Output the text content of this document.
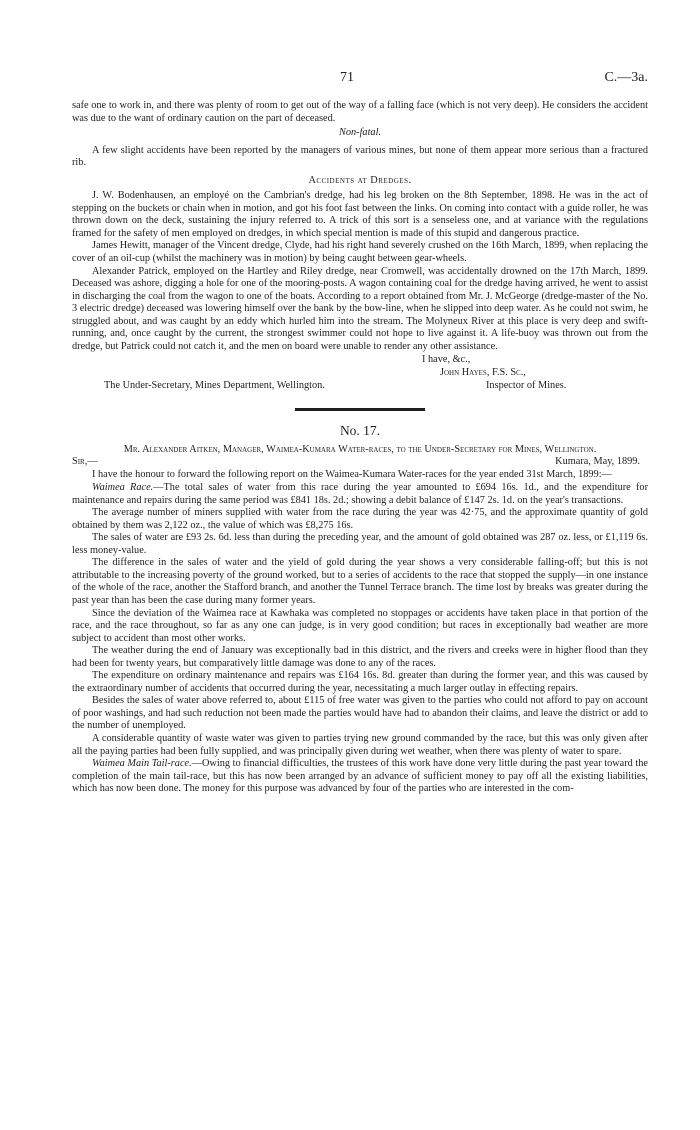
71	C.—3a.

safe one to work in, and there was plenty of room to get out of the way of a falling face (which is not very deep). He considers the accident was due to the want of ordinary caution on the part of deceased.

Non-fatal.

A few slight accidents have been reported by the managers of various mines, but none of them appear more serious than a fractured rib.

Accidents at Dredges.

J. W. Bodenhausen, an employé on the Cambrian's dredge, had his leg broken on the 8th September, 1898. He was in the act of stepping on the buckets or chain when in motion, and got his foot fast between the links. On coming into contact with a guide roller, he was thrown down on the deck, sustaining the injury referred to. A trick of this sort is a senseless one, and at variance with the regulations framed for the safety of men employed on dredges, in which special mention is made of this stupid and dangerous practice.

James Hewitt, manager of the Vincent dredge, Clyde, had his right hand severely crushed on the 16th March, 1899, when replacing the cover of an oil-cup (whilst the machinery was in motion) by being caught between gear-wheels.

Alexander Patrick, employed on the Hartley and Riley dredge, near Cromwell, was accidentally drowned on the 17th March, 1899. Deceased was ashore, digging a hole for one of the mooring-posts. A wagon containing coal for the dredge having arrived, he went to assist in discharging the coal from the wagon to one of the boats. According to a report obtained from Mr. J. McGeorge (dredge-master of the No. 3 electric dredge) deceased was lowering himself over the bank by the bow-line, when he slipped into deep water. As he could not swim, he struggled about, and was caught by an eddy which hurled him into the stream. The Molyneux River at this place is very deep and swift-running, and, once caught by the current, the strongest swimmer could not hope to live against it. A life-buoy was thrown out from the dredge, but Patrick could not catch it, and the men on board were unable to render any other assistance.

I have, &c.,
John Hayes, F.S. Sc.,
The Under-Secretary, Mines Department, Wellington.	Inspector of Mines.

No. 17.

Mr. Alexander Aitken, Manager, Waimea-Kumara Water-races, to the Under-Secretary for Mines, Wellington.

Sir,—	Kumara, May, 1899.

I have the honour to forward the following report on the Waimea-Kumara Water-races for the year ended 31st March, 1899:—

Waimea Race.—The total sales of water from this race during the year amounted to £694 16s. 1d., and the expenditure for maintenance and repairs during the same period was £841 18s. 2d.; showing a debit balance of £147 2s. 1d. on the year's transactions.

The average number of miners supplied with water from the race during the year was 42·75, and the approximate quantity of gold obtained by them was 2,122 oz., the value of which was £8,275 16s.

The sales of water are £93 2s. 6d. less than during the preceding year, and the amount of gold obtained was 287 oz. less, or £1,119 6s. less money-value.

The difference in the sales of water and the yield of gold during the year shows a very considerable falling-off; but this is not attributable to the increasing poverty of the ground worked, but to a series of accidents to the race that stopped the supply—in one instance of the whole of the race, another the Stafford branch, and another the Tunnel Terrace branch. The time lost by breaks was greater during the past year than has been the case during many former years.

Since the deviation of the Waimea race at Kawhaka was completed no stoppages or accidents have taken place in that portion of the race, and the race throughout, so far as any one can judge, is in very good condition; but races in exceptionally bad weather are more subject to accident than most other works.

The weather during the end of January was exceptionally bad in this district, and the rivers and creeks were in higher flood than they had been for twenty years, but comparatively little damage was done to any of the races.

The expenditure on ordinary maintenance and repairs was £164 16s. 8d. greater than during the former year, and this was caused by the extraordinary number of accidents that occurred during the year, necessitating a much larger outlay in effecting repairs.

Besides the sales of water above referred to, about £115 of free water was given to the parties who could not afford to pay on account of poor washings, and had such reduction not been made the parties would have had to abandon their claims, and leave the district or add to the number of unemployed.

A considerable quantity of waste water was given to parties trying new ground commanded by the race, but this was only given after all the paying parties had been fully supplied, and was principally given during wet weather, when there was plenty of water to spare.

Waimea Main Tail-race.—Owing to financial difficulties, the trustees of this work have done very little during the past year toward the completion of the main tail-race, but this has now been arranged by an advance of sufficient money to pay off all the existing liabilities, which has now been done. The money for this purpose was advanced by four of the parties who are interested in the com-
